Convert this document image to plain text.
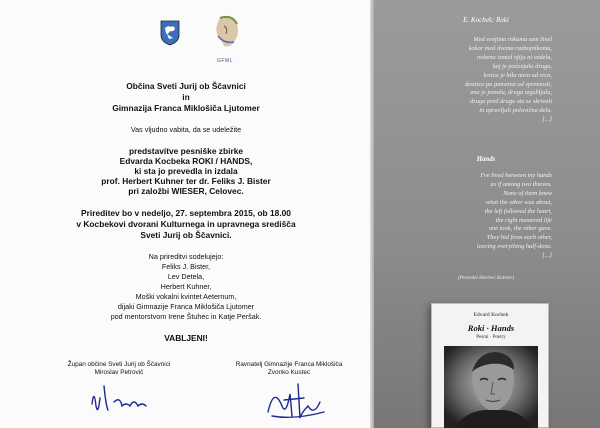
GFML
Občina Sveti Jurij ob Ščavnici
in
Gimnazija Franca Miklošiča Ljutomer
Vas vljudno vabita, da se udeležite
predstavitve pesniške zbirke
Edvarda Kocbeka ROKI / HANDS,
ki sta jo prevedla in izdala
prof. Herbert Kuhner ter dr. Feliks J. Bister
pri založbi WIESER, Celovec.
Prireditev bo v nedeljo, 27. septembra 2015, ob 18.00
v Kocbekovi dvorani Kulturnega in upravnega središča
Sveti Jurij ob Ščavnici.
Na prireditvi sodelujejo:
Feliks J. Bister,
Lev Detela,
Herbert Kuhner,
Moški vokalni kvintet Aeternum,
dijaki Gimnazije Franca Miklošiča Ljutomer
pod mentorstvom Irene Štuhec in Katje Peršak.
VABLJENI!
Župan občine Sveti Jurij ob Ščavnici
Miroslav Petrovič
Ravnatelj Gimnazije Franca Miklošiča
Zvonko Kustec
E. Kocbek: Roki
Med svojima rokama sem živel
kakor med dvema razbojnikoma,
nobena izmed njiju ni vedela,
kaj je počenjala druga,
levica je bila nora od srca,
desnica pa pametna od spretnosti,
ena je jemala, druga izgubljala,
druga pred drugo sta se skrivali
in opravljali polovična dela.
[...]
Hands
I've lived between my hands
as if among two thieves.
None of them knew
what the other was about,
the left followed the heart,
the right mastered life
one took, the other gave.
They hid from each other,
leaving everything half-done.
[...]
(Prevedel Herbert Kuhner)
Edvard Kocbek
Roki · Hands
Pesmi · Poetry
